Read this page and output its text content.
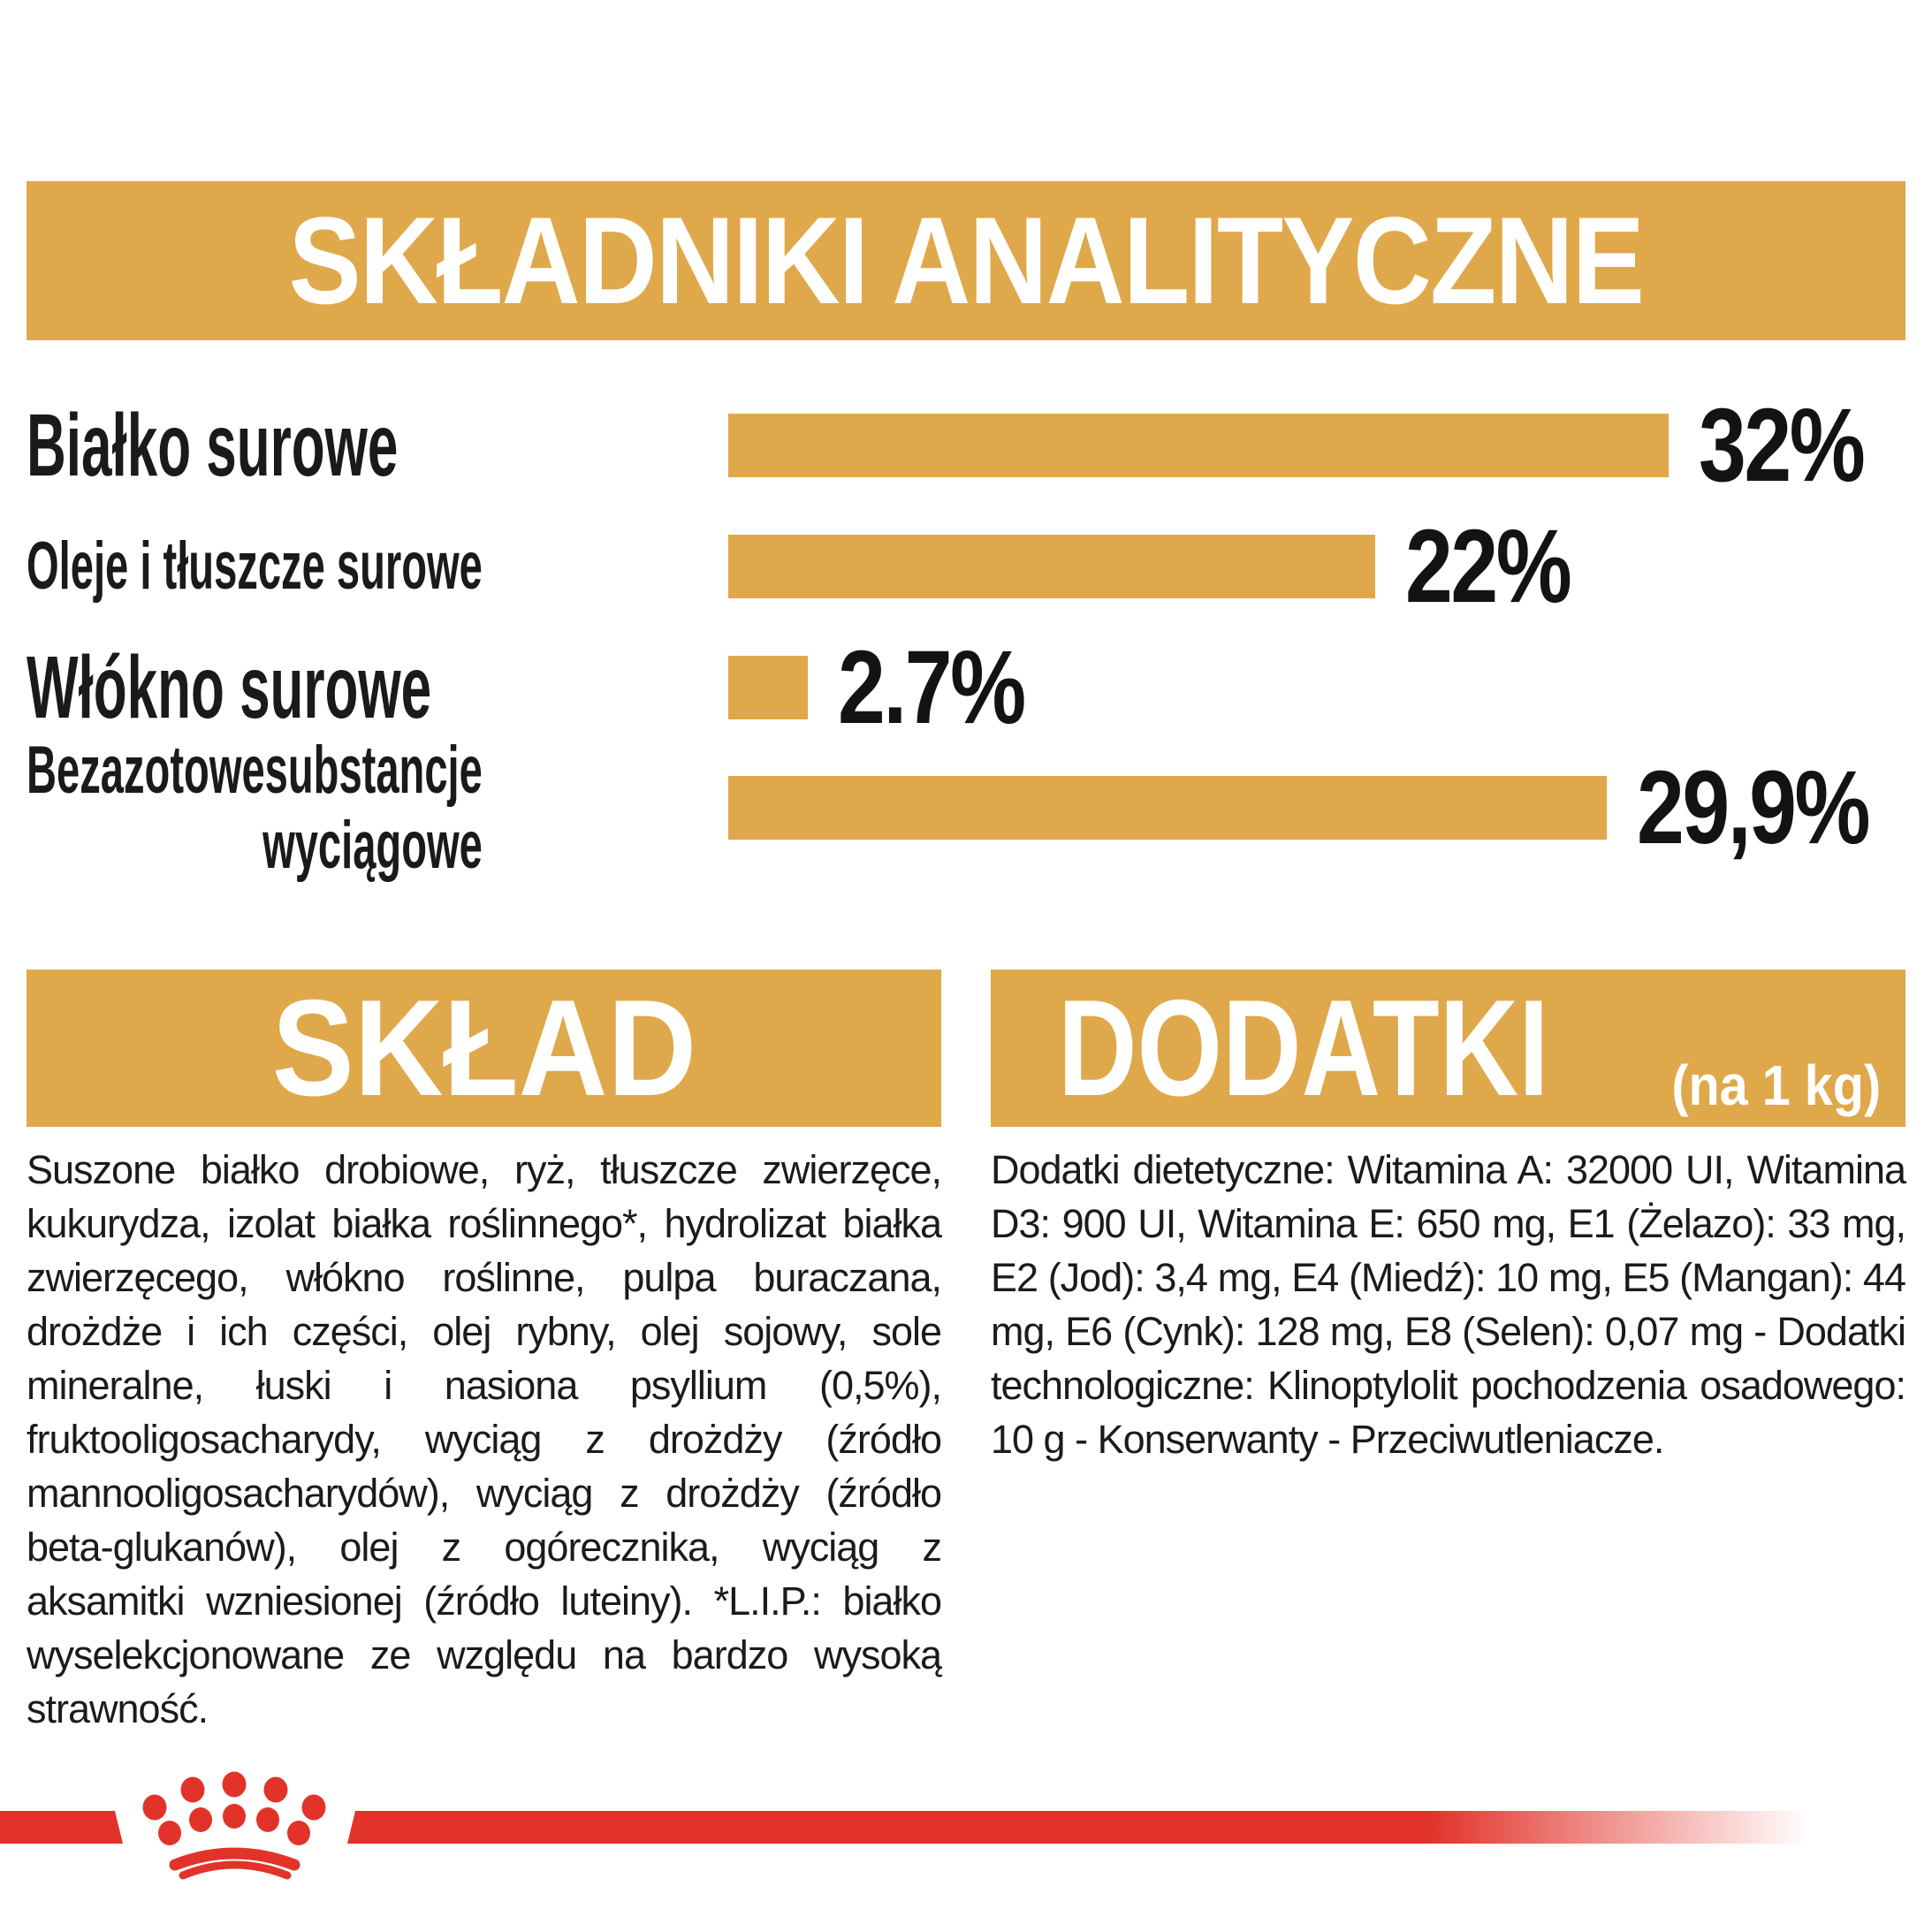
SKŁADNIKI ANALITYCZNE
Białko surowe	32%
Oleje i tłuszcze surowe	22%
Włókno surowe	2.7%
Bezazotowe substancje
wyciągowe	29,9%
SKŁAD

Suszone białko drobiowe, ryż, tłuszcze zwierzęce, kukurydza, izolat białka roślinnego*, hydrolizat białka zwierzęcego, włókno roślinne, pulpa buraczana, drożdże i ich części, olej rybny, olej sojowy, sole mineralne, łuski i nasiona psyllium (0,5%), fruktooligosacharydy, wyciąg z drożdży (źródło mannooligosacharydów), wyciąg z drożdży (źródło beta-glukanów), olej z ogórecznika, wyciąg z aksamitki wzniesionej (źródło luteiny). *L.I.P.: białko wyselekcjonowane ze względu na bardzo wysoką strawność.

DODATKI (na 1 kg)

Dodatki dietetyczne: Witamina A: 32000 UI, Witamina D3: 900 UI, Witamina E: 650 mg, E1 (Żelazo): 33 mg, E2 (Jod): 3,4 mg, E4 (Miedź): 10 mg, E5 (Mangan): 44 mg, E6 (Cynk): 128 mg, E8 (Selen): 0,07 mg - Dodatki technologiczne: Klinoptylolit pochodzenia osadowego: 10 g - Konserwanty - Przeciwutleniacze.
